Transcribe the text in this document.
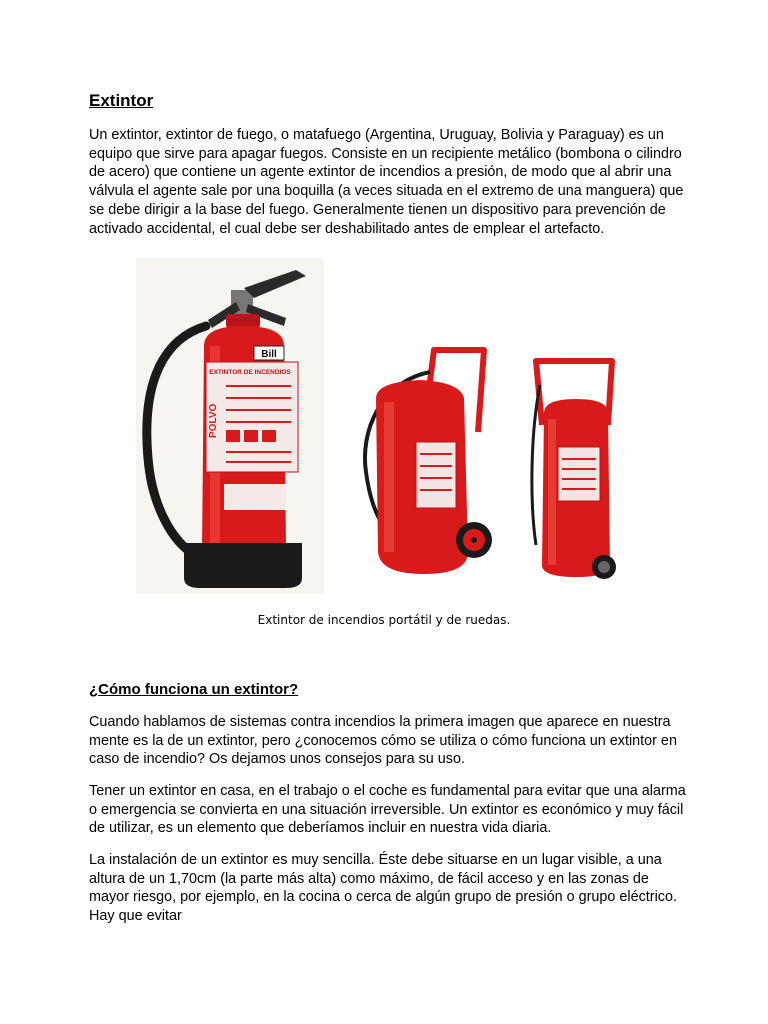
Extintor

Un extintor, extintor de fuego, o matafuego (Argentina, Uruguay, Bolivia y Paraguay) es un equipo que sirve para apagar fuegos. Consiste en un recipiente metálico (bombona o cilindro de acero) que contiene un agente extintor de incendios a presión, de modo que al abrir una válvula el agente sale por una boquilla (a veces situada en el extremo de una manguera) que se debe dirigir a la base del fuego. Generalmente tienen un dispositivo para prevención de activado accidental, el cual debe ser deshabilitado antes de emplear el artefacto.

Bill
EXTINTOR DE INCENDIOS
POLVO
Extintor de incendios portátil y de ruedas.
¿Cómo funciona un extintor?

Cuando hablamos de sistemas contra incendios la primera imagen que aparece en nuestra mente es la de un extintor, pero ¿conocemos cómo se utiliza o cómo funciona un extintor en caso de incendio? Os dejamos unos consejos para su uso.

Tener un extintor en casa, en el trabajo o el coche es fundamental para evitar que una alarma o emergencia se convierta en una situación irreversible. Un extintor es económico y muy fácil de utilizar, es un elemento que deberíamos incluir en nuestra vida diaria.

La instalación de un extintor es muy sencilla. Éste debe situarse en un lugar visible, a una altura de un 1,70cm (la parte más alta) como máximo, de fácil acceso y en las zonas de mayor riesgo, por ejemplo, en la cocina o cerca de algún grupo de presión o grupo eléctrico. Hay que evitar
